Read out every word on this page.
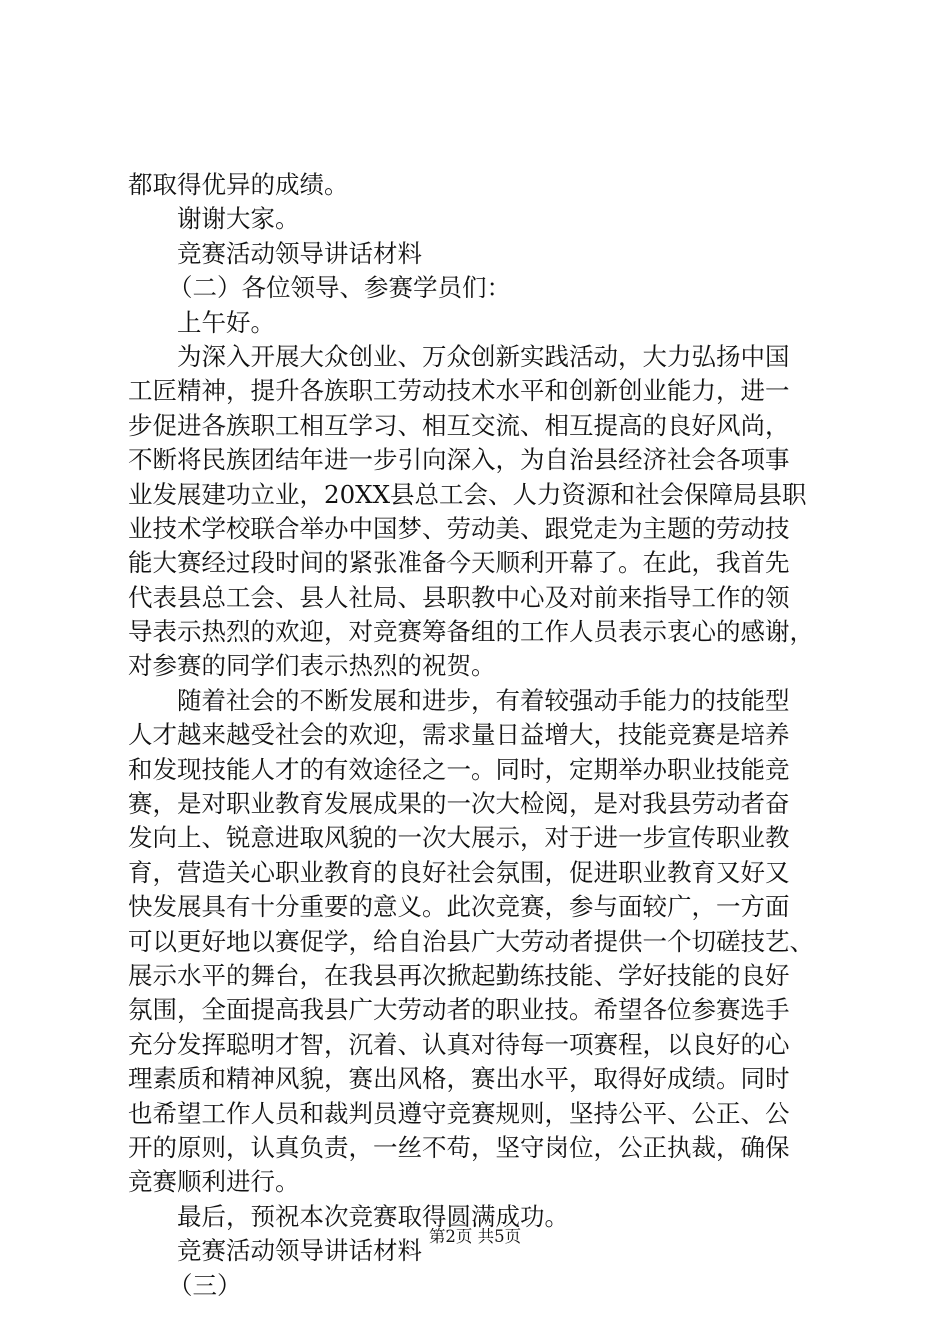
都取得优异的成绩。
谢谢大家。
竞赛活动领导讲话材料
（二）各位领导、参赛学员们：
上午好。
为深入开展大众创业、万众创新实践活动，大力弘扬中国
工匠精神，提升各族职工劳动技术水平和创新创业能力，进一
步促进各族职工相互学习、相互交流、相互提高的良好风尚，
不断将民族团结年进一步引向深入，为自治县经济社会各项事
业发展建功立业，20XX县总工会、人力资源和社会保障局县职
业技术学校联合举办中国梦、劳动美、跟党走为主题的劳动技
能大赛经过段时间的紧张准备今天顺利开幕了。在此，我首先
代表县总工会、县人社局、县职教中心及对前来指导工作的领
导表示热烈的欢迎，对竞赛筹备组的工作人员表示衷心的感谢，
对参赛的同学们表示热烈的祝贺。
随着社会的不断发展和进步，有着较强动手能力的技能型
人才越来越受社会的欢迎，需求量日益增大，技能竞赛是培养
和发现技能人才的有效途径之一。同时，定期举办职业技能竞
赛，是对职业教育发展成果的一次大检阅，是对我县劳动者奋
发向上、锐意进取风貌的一次大展示，对于进一步宣传职业教
育，营造关心职业教育的良好社会氛围，促进职业教育又好又
快发展具有十分重要的意义。此次竞赛，参与面较广，一方面
可以更好地以赛促学，给自治县广大劳动者提供一个切磋技艺、
展示水平的舞台，在我县再次掀起勤练技能、学好技能的良好
氛围，全面提高我县广大劳动者的职业技。希望各位参赛选手
充分发挥聪明才智，沉着、认真对待每一项赛程，以良好的心
理素质和精神风貌，赛出风格，赛出水平，取得好成绩。同时
也希望工作人员和裁判员遵守竞赛规则，坚持公平、公正、公
开的原则，认真负责，一丝不苟，坚守岗位，公正执裁，确保
竞赛顺利进行。
最后，预祝本次竞赛取得圆满成功。
竞赛活动领导讲话材料
（三）
第2页 共5页
